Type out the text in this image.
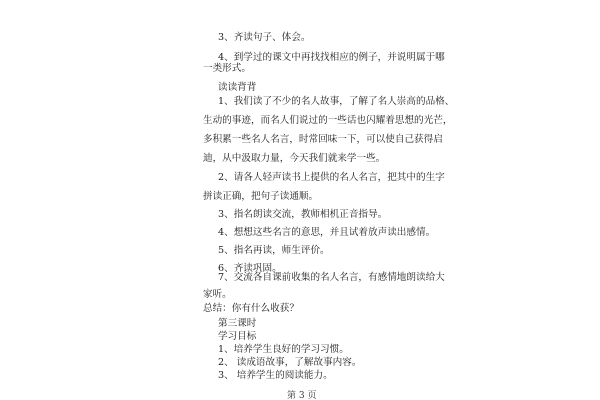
3、齐读句子、体会。
4、到学过的课文中再找找相应的例子，并说明属于哪
一类形式。
读读背背
1、我们读了不少的名人故事，了解了名人崇高的品格、
生动的事迹，而名人们说过的一些话也闪耀着思想的光芒，
多积累一些名人名言，时常回味一下，可以使自己获得启
迪，从中汲取力量，今天我们就来学一些。
2、请各人轻声读书上提供的名人名言，把其中的生字
拼读正确，把句子读通顺。
3、指名朗读交流，教师相机正音指导。
4、想想这些名言的意思，并且试着放声读出感情。
5、指名再读，师生评价。
6、齐读巩固。
7、交流各自课前收集的名人名言，有感情地朗读给大
家听。
总结：你有什么收获？
第三课时
学习目标
1、培养学生良好的学习习惯。
2、 读成语故事，了解故事内容。
3、 培养学生的阅读能力。
第 3 页
